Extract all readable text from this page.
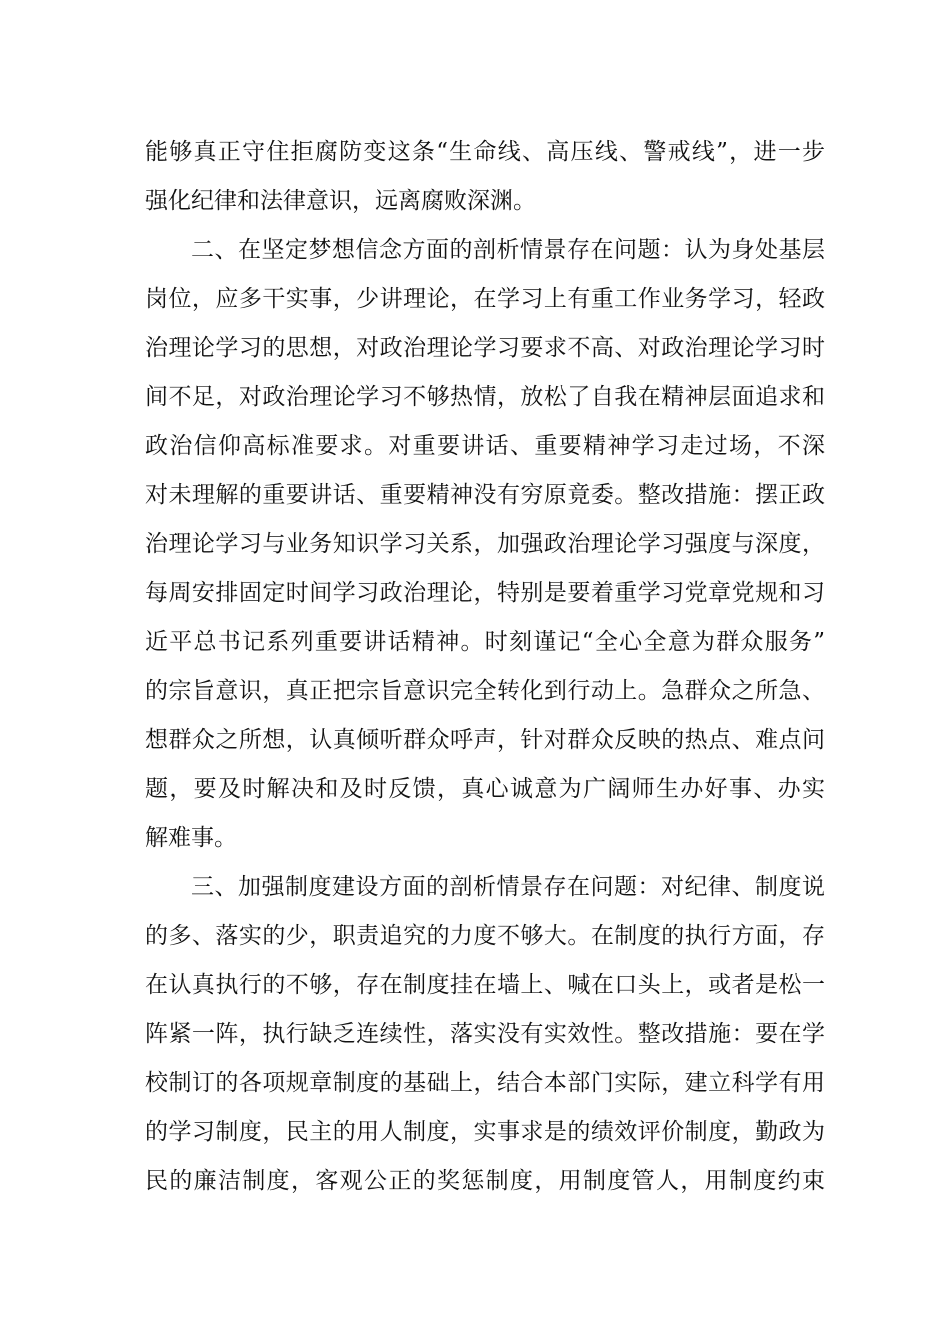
能够真正守住拒腐防变这条“生命线、高压线、警戒线”，进一步
强化纪律和法律意识，远离腐败深渊。
二、在坚定梦想信念方面的剖析情景存在问题：认为身处基层
岗位，应多干实事，少讲理论，在学习上有重工作业务学习，轻政
治理论学习的思想，对政治理论学习要求不高、对政治理论学习时
间不足，对政治理论学习不够热情，放松了自我在精神层面追求和
政治信仰高标准要求。对重要讲话、重要精神学习走过场，不深
对未理解的重要讲话、重要精神没有穷原竟委。整改措施：摆正政
治理论学习与业务知识学习关系，加强政治理论学习强度与深度，
每周安排固定时间学习政治理论，特别是要着重学习党章党规和习
近平总书记系列重要讲话精神。时刻谨记“全心全意为群众服务”
的宗旨意识，真正把宗旨意识完全转化到行动上。急群众之所急、
想群众之所想，认真倾听群众呼声，针对群众反映的热点、难点问
题，要及时解决和及时反馈，真心诚意为广阔师生办好事、办实
解难事。
三、加强制度建设方面的剖析情景存在问题：对纪律、制度说
的多、落实的少，职责追究的力度不够大。在制度的执行方面，存
在认真执行的不够，存在制度挂在墙上、喊在口头上，或者是松一
阵紧一阵，执行缺乏连续性，落实没有实效性。整改措施：要在学
校制订的各项规章制度的基础上，结合本部门实际，建立科学有用
的学习制度，民主的用人制度，实事求是的绩效评价制度，勤政为
民的廉洁制度，客观公正的奖惩制度，用制度管人，用制度约束
